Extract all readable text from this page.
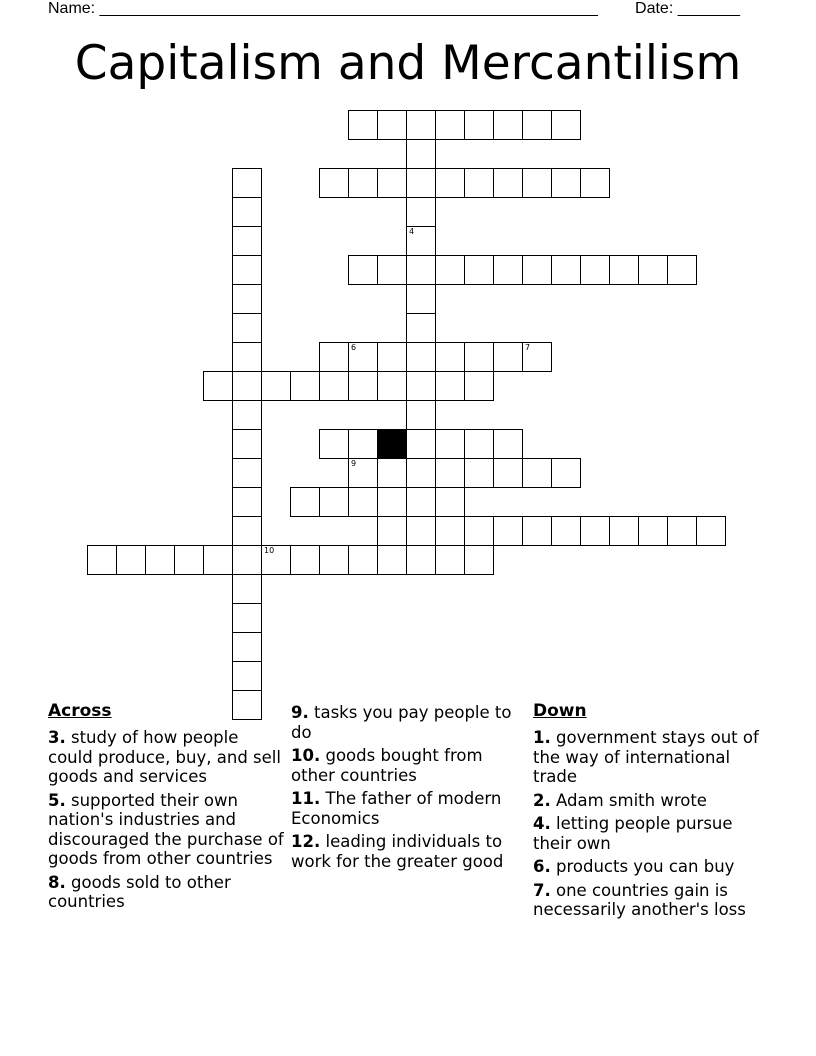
Name: ________________________________________________________ Date: _______
Capitalism and Mercantilism
4
6	7
9
10
Across
3. study of how people could produce, buy, and sell goods and services
5. supported their own nation's industries and discouraged the purchase of goods from other countries
8. goods sold to other countries
9. tasks you pay people to do
10. goods bought from other countries
11. The father of modern Economics
12. leading individuals to work for the greater good
Down
1. government stays out of the way of international trade
2. Adam smith wrote
4. letting people pursue their own
6. products you can buy
7. one countries gain is necessarily another's loss
